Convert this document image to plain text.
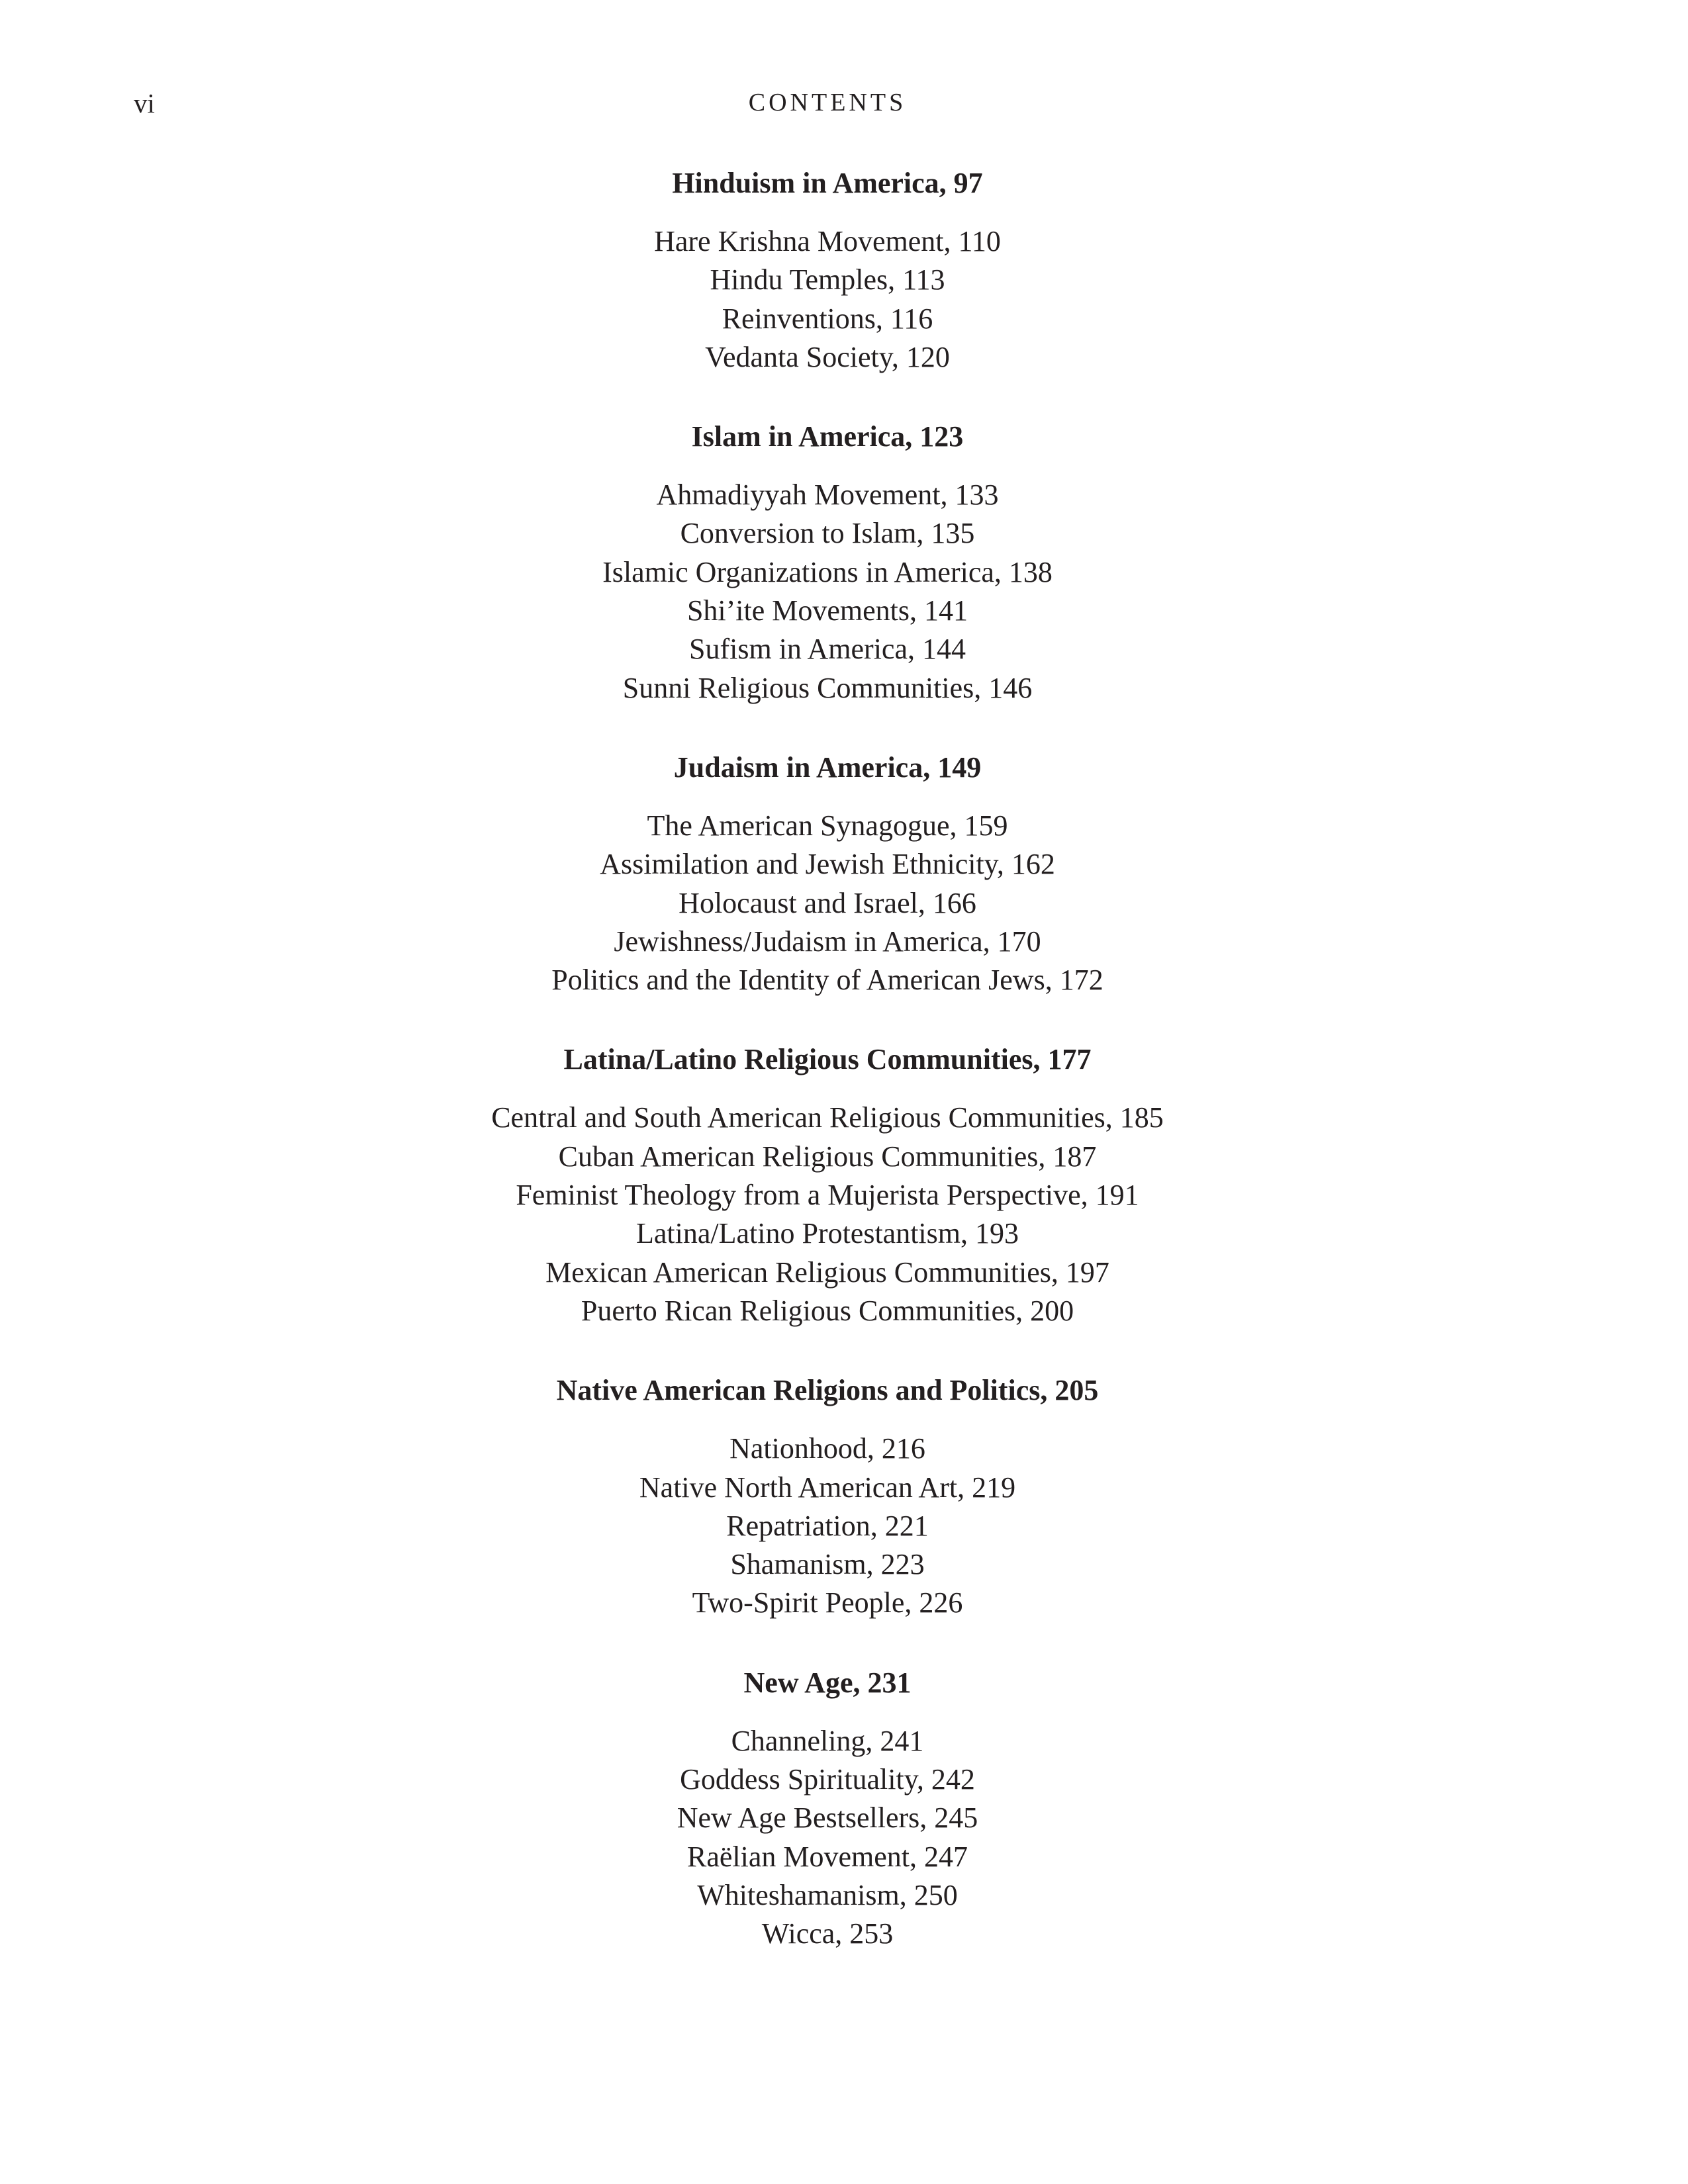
vi	CONTENTS
Hinduism in America, 97
Hare Krishna Movement, 110
Hindu Temples, 113
Reinventions, 116
Vedanta Society, 120
Islam in America, 123
Ahmadiyyah Movement, 133
Conversion to Islam, 135
Islamic Organizations in America, 138
Shi’ite Movements, 141
Sufism in America, 144
Sunni Religious Communities, 146
Judaism in America, 149
The American Synagogue, 159
Assimilation and Jewish Ethnicity, 162
Holocaust and Israel, 166
Jewishness/Judaism in America, 170
Politics and the Identity of American Jews, 172
Latina/Latino Religious Communities, 177
Central and South American Religious Communities, 185
Cuban American Religious Communities, 187
Feminist Theology from a Mujerista Perspective, 191
Latina/Latino Protestantism, 193
Mexican American Religious Communities, 197
Puerto Rican Religious Communities, 200
Native American Religions and Politics, 205
Nationhood, 216
Native North American Art, 219
Repatriation, 221
Shamanism, 223
Two-Spirit People, 226
New Age, 231
Channeling, 241
Goddess Spirituality, 242
New Age Bestsellers, 245
Raëlian Movement, 247
Whiteshamanism, 250
Wicca, 253
